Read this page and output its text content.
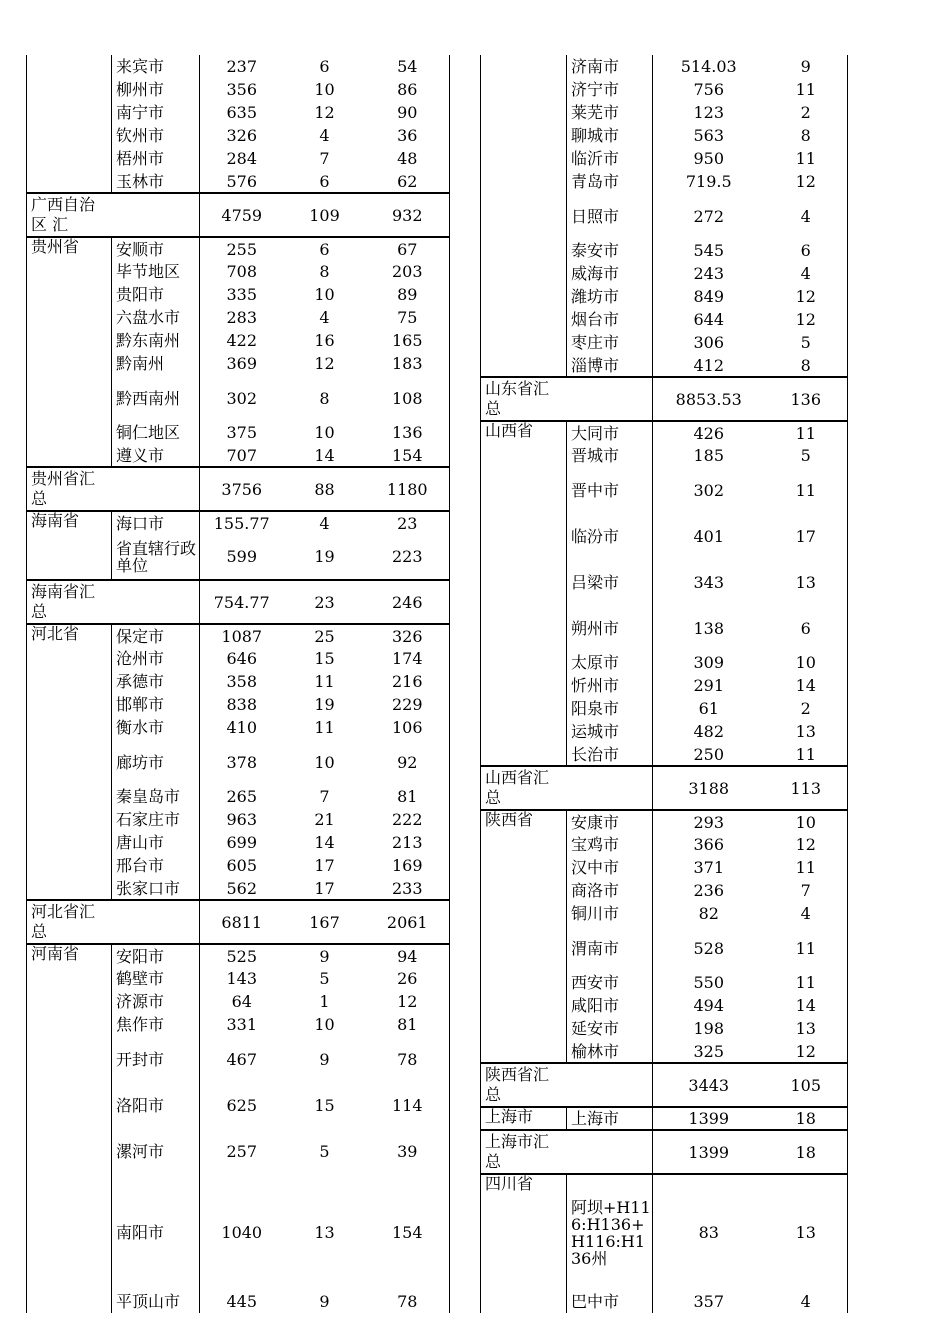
	来宾市	237	6	54
	柳州市	356	10	86
	南宁市	635	12	90
	钦州市	326	4	36
	梧州市	284	7	48
	玉林市	576	6	62

广西自治区 汇		4759	109	932
贵州省	安顺市	255	6	67
	毕节地区	708	8	203
	贵阳市	335	10	89
	六盘水市	283	4	75
	黔东南州	422	16	165
	黔南州	369	12	183
	黔西南州	302	8	108
	铜仁地区	375	10	136
	遵义市	707	14	154

贵州省汇总		3756	88	1180
海南省	海口市	155.77	4	23
	省直辖行政单位	599	19	223

海南省汇总		754.77	23	246
河北省	保定市	1087	25	326
	沧州市	646	15	174
	承德市	358	11	216
	邯郸市	838	19	229
	衡水市	410	11	106
	廊坊市	378	10	92
	秦皇岛市	265	7	81
	石家庄市	963	21	222
	唐山市	699	14	213
	邢台市	605	17	169
	张家口市	562	17	233

河北省汇总		6811	167	2061
河南省	安阳市	525	9	94
	鹤壁市	143	5	26
	济源市	64	1	12
	焦作市	331	10	81
	开封市	467	9	78
	洛阳市	625	15	114
	漯河市	257	5	39
	南阳市	1040	13	154
	平顶山市	445	9	78
	济南市	514.03	9
	济宁市	756	11
	莱芜市	123	2
	聊城市	563	8
	临沂市	950	11
	青岛市	719.5	12
	日照市	272	4
	泰安市	545	6
	威海市	243	4
	潍坊市	849	12
	烟台市	644	12
	枣庄市	306	5
	淄博市	412	8

山东省汇总		8853.53	136
山西省	大同市	426	11
	晋城市	185	5
	晋中市	302	11
	临汾市	401	17
	吕梁市	343	13
	朔州市	138	6
	太原市	309	10
	忻州市	291	14
	阳泉市	61	2
	运城市	482	13
	长治市	250	11

山西省汇总		3188	113
陕西省	安康市	293	10
	宝鸡市	366	12
	汉中市	371	11
	商洛市	236	7
	铜川市	82	4
	渭南市	528	11
	西安市	550	11
	咸阳市	494	14
	延安市	198	13
	榆林市	325	12

陕西省汇总		3443	105
上海市	上海市	1399	18

上海市汇总		1399	18
四川省	阿坝+H116:H136+H116:H136州	83	13
	巴中市	357	4
